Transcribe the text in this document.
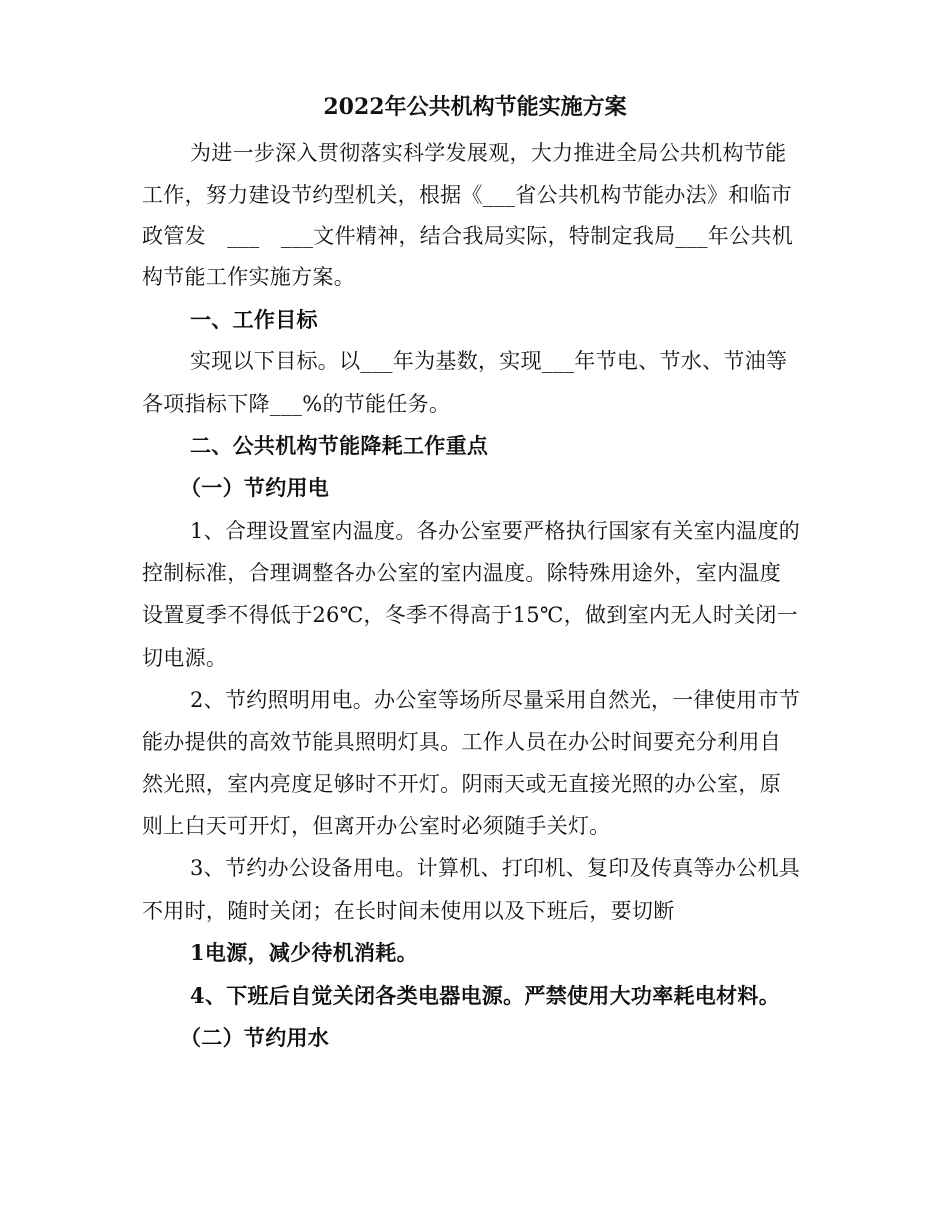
2022年公共机构节能实施方案
为进一步深入贯彻落实科学发展观，大力推进全局公共机构节能
工作，努力建设节约型机关，根据《___省公共机构节能办法》和临市
政管发　___　___文件精神，结合我局实际，特制定我局___年公共机
构节能工作实施方案。
一、工作目标
实现以下目标。以___年为基数，实现___年节电、节水、节油等
各项指标下降___%的节能任务。
二、公共机构节能降耗工作重点
（一）节约用电
1、合理设置室内温度。各办公室要严格执行国家有关室内温度的
控制标准，合理调整各办公室的室内温度。除特殊用途外，室内温度
设置夏季不得低于26℃，冬季不得高于15℃，做到室内无人时关闭一
切电源。
2、节约照明用电。办公室等场所尽量采用自然光，一律使用市节
能办提供的高效节能具照明灯具。工作人员在办公时间要充分利用自
然光照，室内亮度足够时不开灯。阴雨天或无直接光照的办公室，原
则上白天可开灯，但离开办公室时必须随手关灯。
3、节约办公设备用电。计算机、打印机、复印及传真等办公机具
不用时，随时关闭；在长时间未使用以及下班后，要切断
1电源，减少待机消耗。
4、下班后自觉关闭各类电器电源。严禁使用大功率耗电材料。
（二）节约用水
